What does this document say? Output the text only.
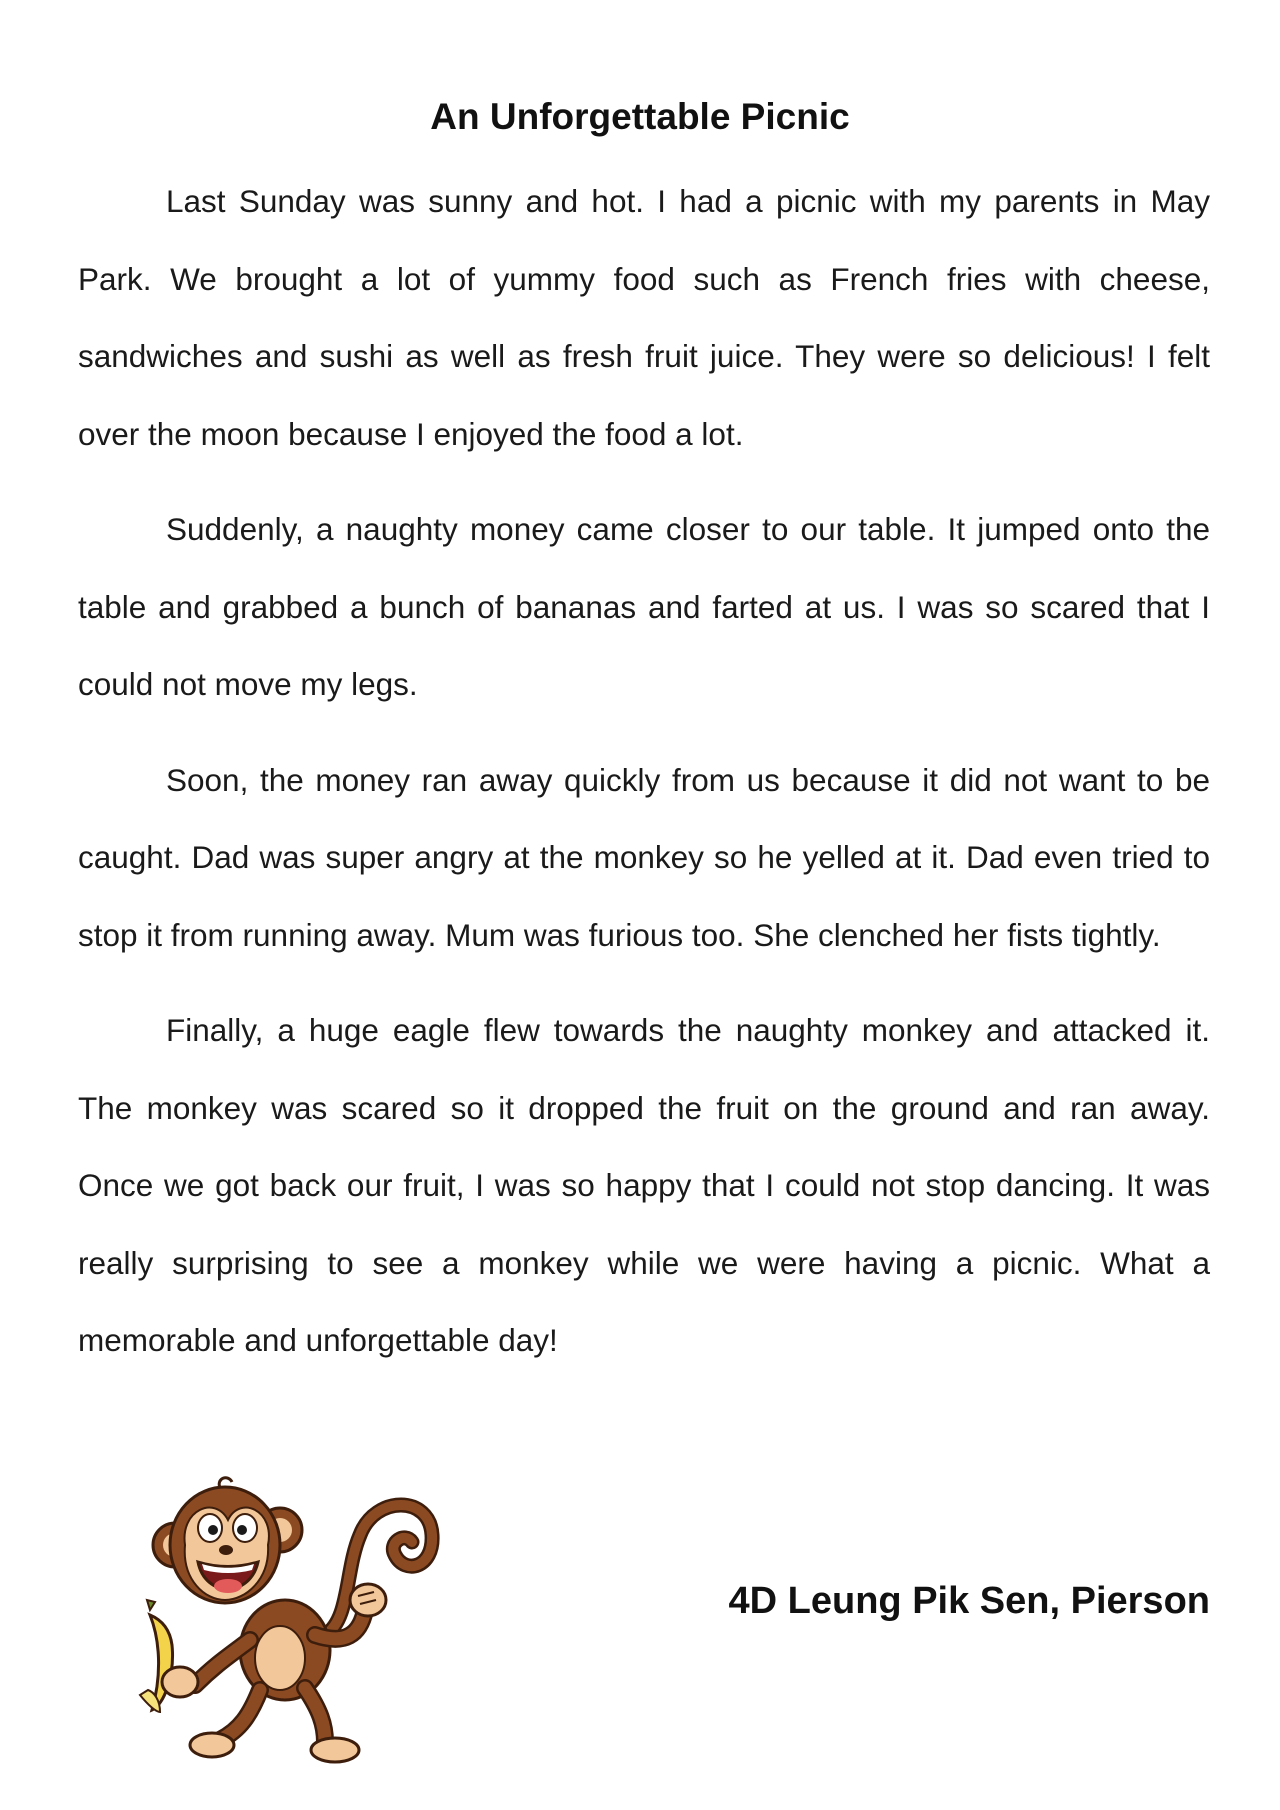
An Unforgettable Picnic

Last Sunday was sunny and hot. I had a picnic with my parents in May Park. We brought a lot of yummy food such as French fries with cheese, sandwiches and sushi as well as fresh fruit juice. They were so delicious! I felt over the moon because I enjoyed the food a lot.

Suddenly, a naughty money came closer to our table. It jumped onto the table and grabbed a bunch of bananas and farted at us. I was so scared that I could not move my legs.

Soon, the money ran away quickly from us because it did not want to be caught. Dad was super angry at the monkey so he yelled at it. Dad even tried to stop it from running away. Mum was furious too. She clenched her fists tightly.

Finally, a huge eagle flew towards the naughty monkey and attacked it. The monkey was scared so it dropped the fruit on the ground and ran away. Once we got back our fruit, I was so happy that I could not stop dancing. It was really surprising to see a monkey while we were having a picnic. What a memorable and unforgettable day!

4D Leung Pik Sen, Pierson
